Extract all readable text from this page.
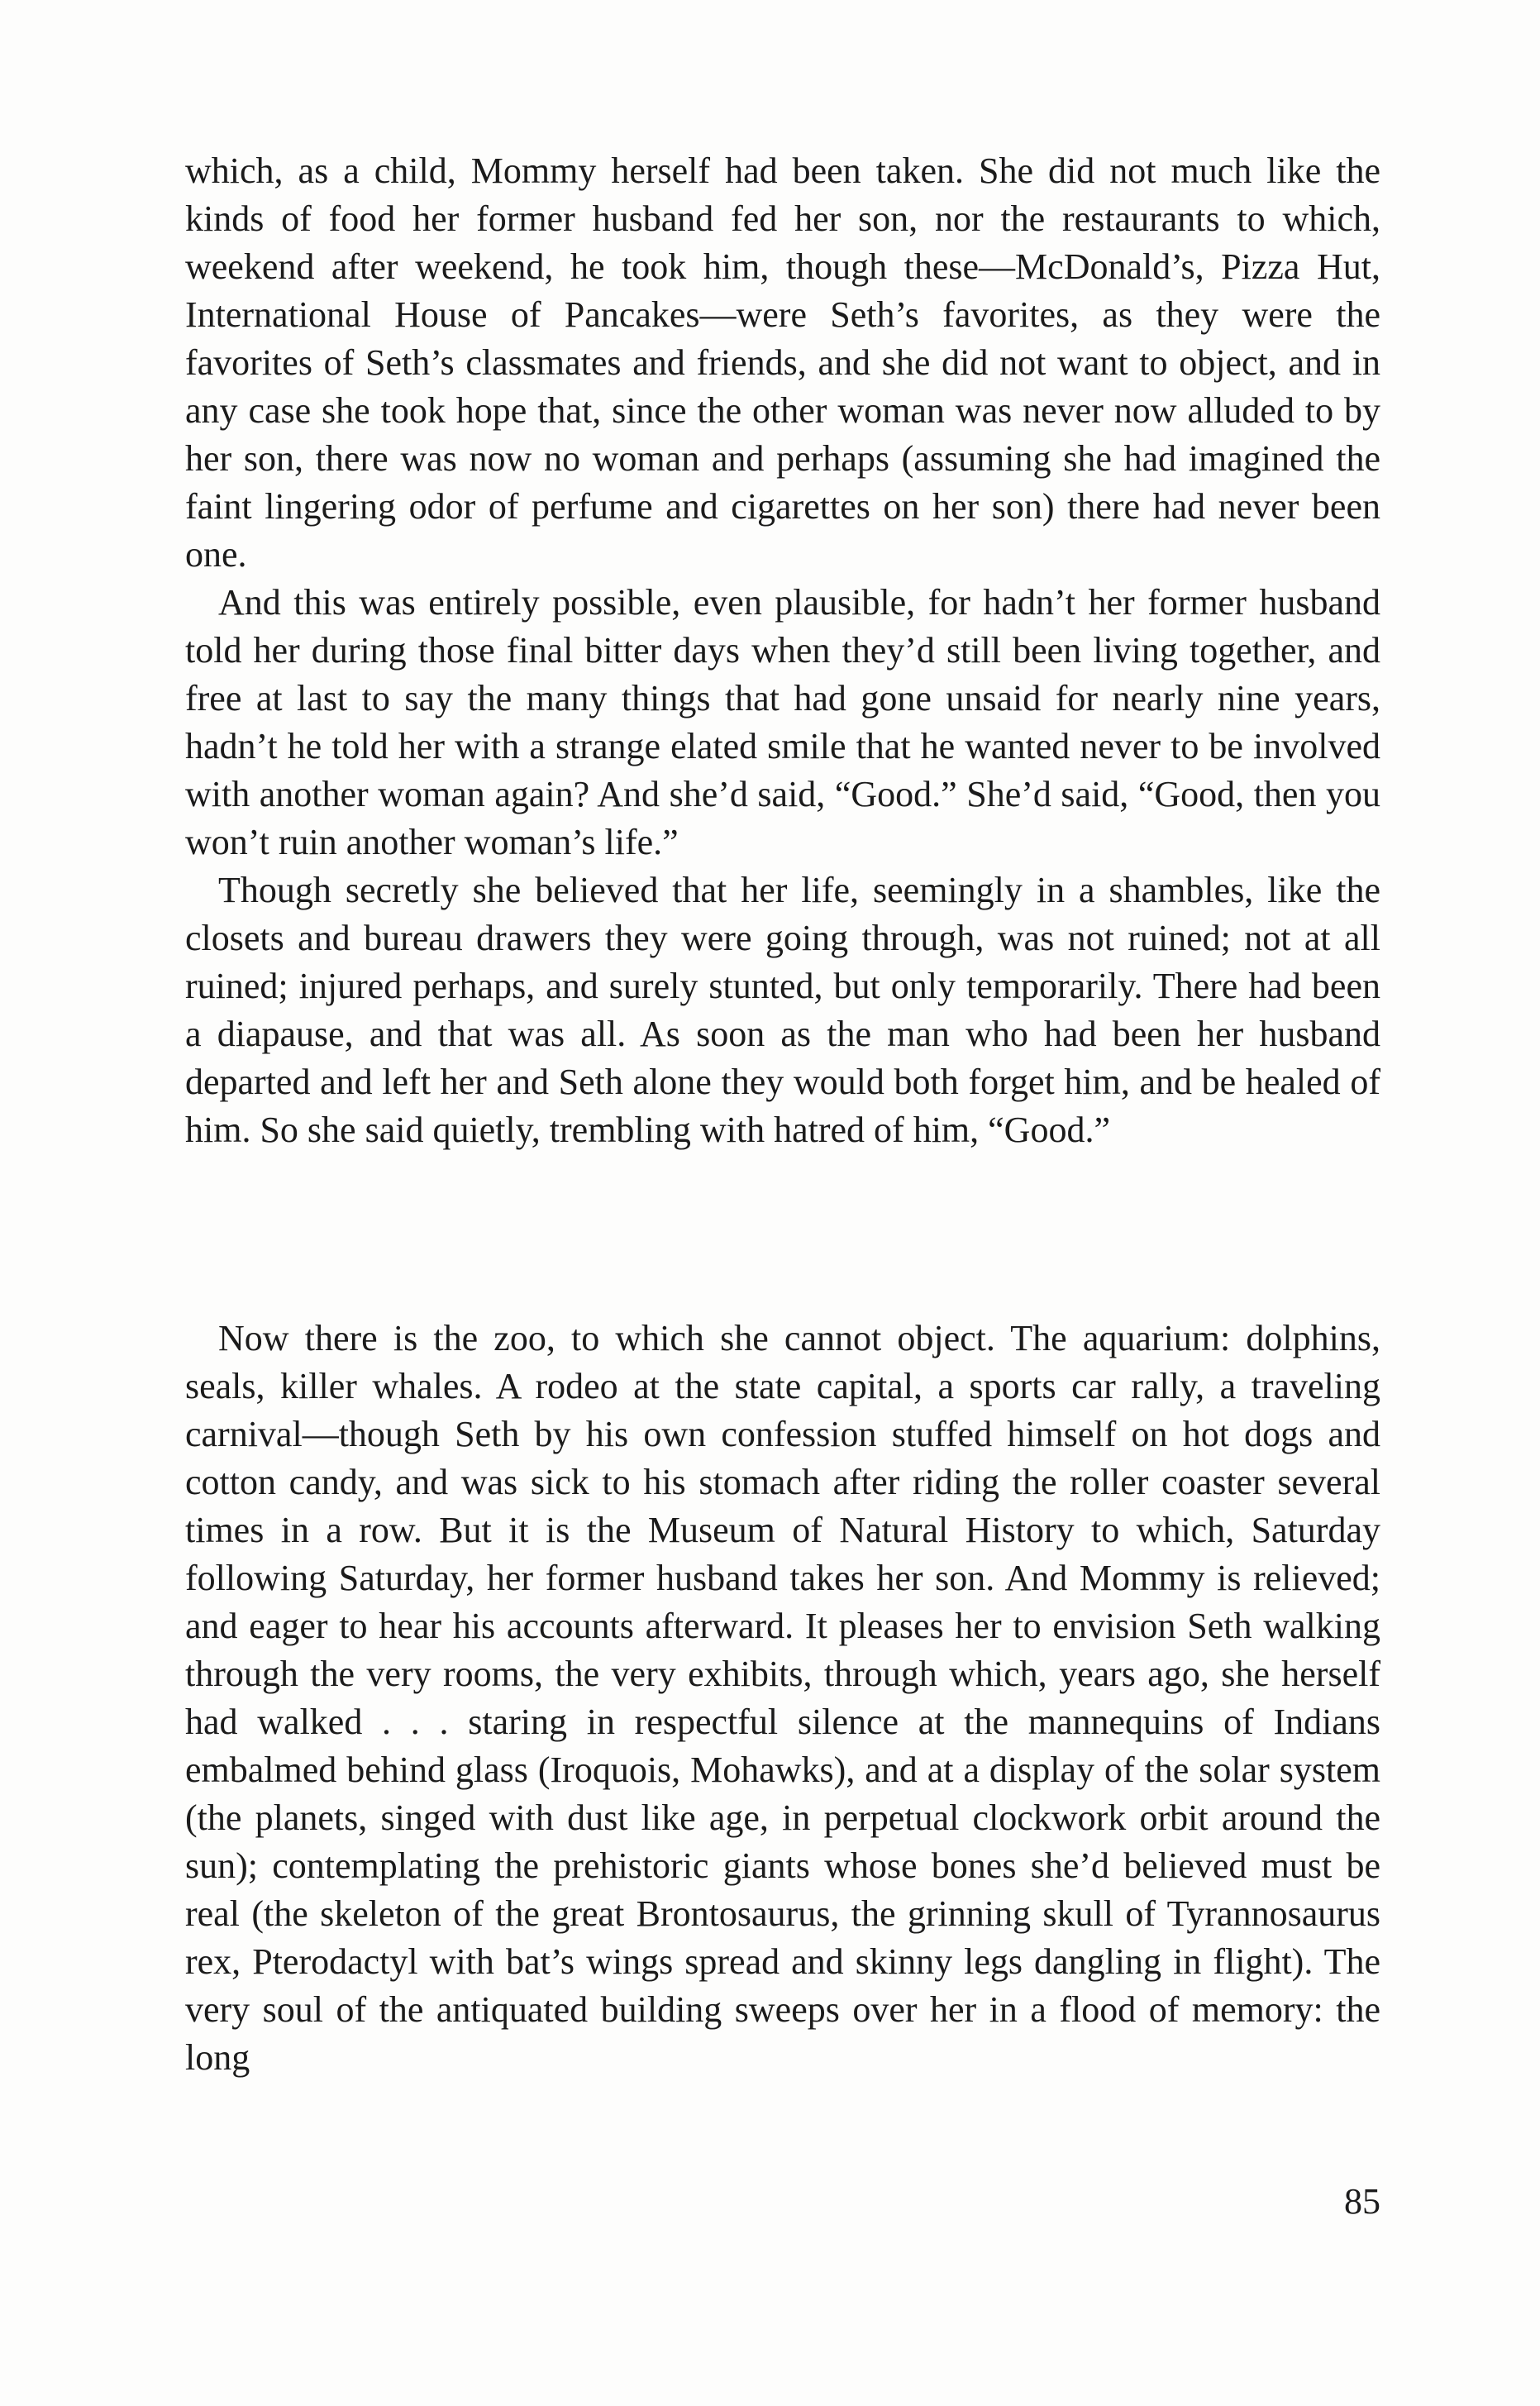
which, as a child, Mommy herself had been taken. She did not much like the kinds of food her former husband fed her son, nor the restaurants to which, weekend after weekend, he took him, though these—McDonald’s, Pizza Hut, International House of Pancakes—were Seth’s favorites, as they were the favorites of Seth’s classmates and friends, and she did not want to object, and in any case she took hope that, since the other woman was never now alluded to by her son, there was now no woman and perhaps (assuming she had imagined the faint lingering odor of perfume and cigarettes on her son) there had never been one.

And this was entirely possible, even plausible, for hadn’t her former husband told her during those final bitter days when they’d still been living together, and free at last to say the many things that had gone unsaid for nearly nine years, hadn’t he told her with a strange elated smile that he wanted never to be involved with another woman again? And she’d said, “Good.” She’d said, “Good, then you won’t ruin another woman’s life.”

Though secretly she believed that her life, seemingly in a shambles, like the closets and bureau drawers they were going through, was not ruined; not at all ruined; injured perhaps, and surely stunted, but only temporarily. There had been a diapause, and that was all. As soon as the man who had been her husband departed and left her and Seth alone they would both forget him, and be healed of him. So she said quietly, trembling with hatred of him, “Good.”

Now there is the zoo, to which she cannot object. The aquarium: dolphins, seals, killer whales. A rodeo at the state capital, a sports car rally, a traveling carnival—though Seth by his own confession stuffed himself on hot dogs and cotton candy, and was sick to his stomach after riding the roller coaster several times in a row. But it is the Museum of Natural History to which, Saturday following Saturday, her former husband takes her son. And Mommy is relieved; and eager to hear his accounts afterward. It pleases her to envision Seth walking through the very rooms, the very exhibits, through which, years ago, she herself had walked . . . staring in respectful silence at the mannequins of Indians embalmed behind glass (Iroquois, Mohawks), and at a display of the solar system (the planets, singed with dust like age, in perpetual clockwork orbit around the sun); contemplating the prehistoric giants whose bones she’d believed must be real (the skeleton of the great Brontosaurus, the grinning skull of Tyrannosaurus rex, Pterodactyl with bat’s wings spread and skinny legs dangling in flight). The very soul of the antiquated building sweeps over her in a flood of memory: the long

85
